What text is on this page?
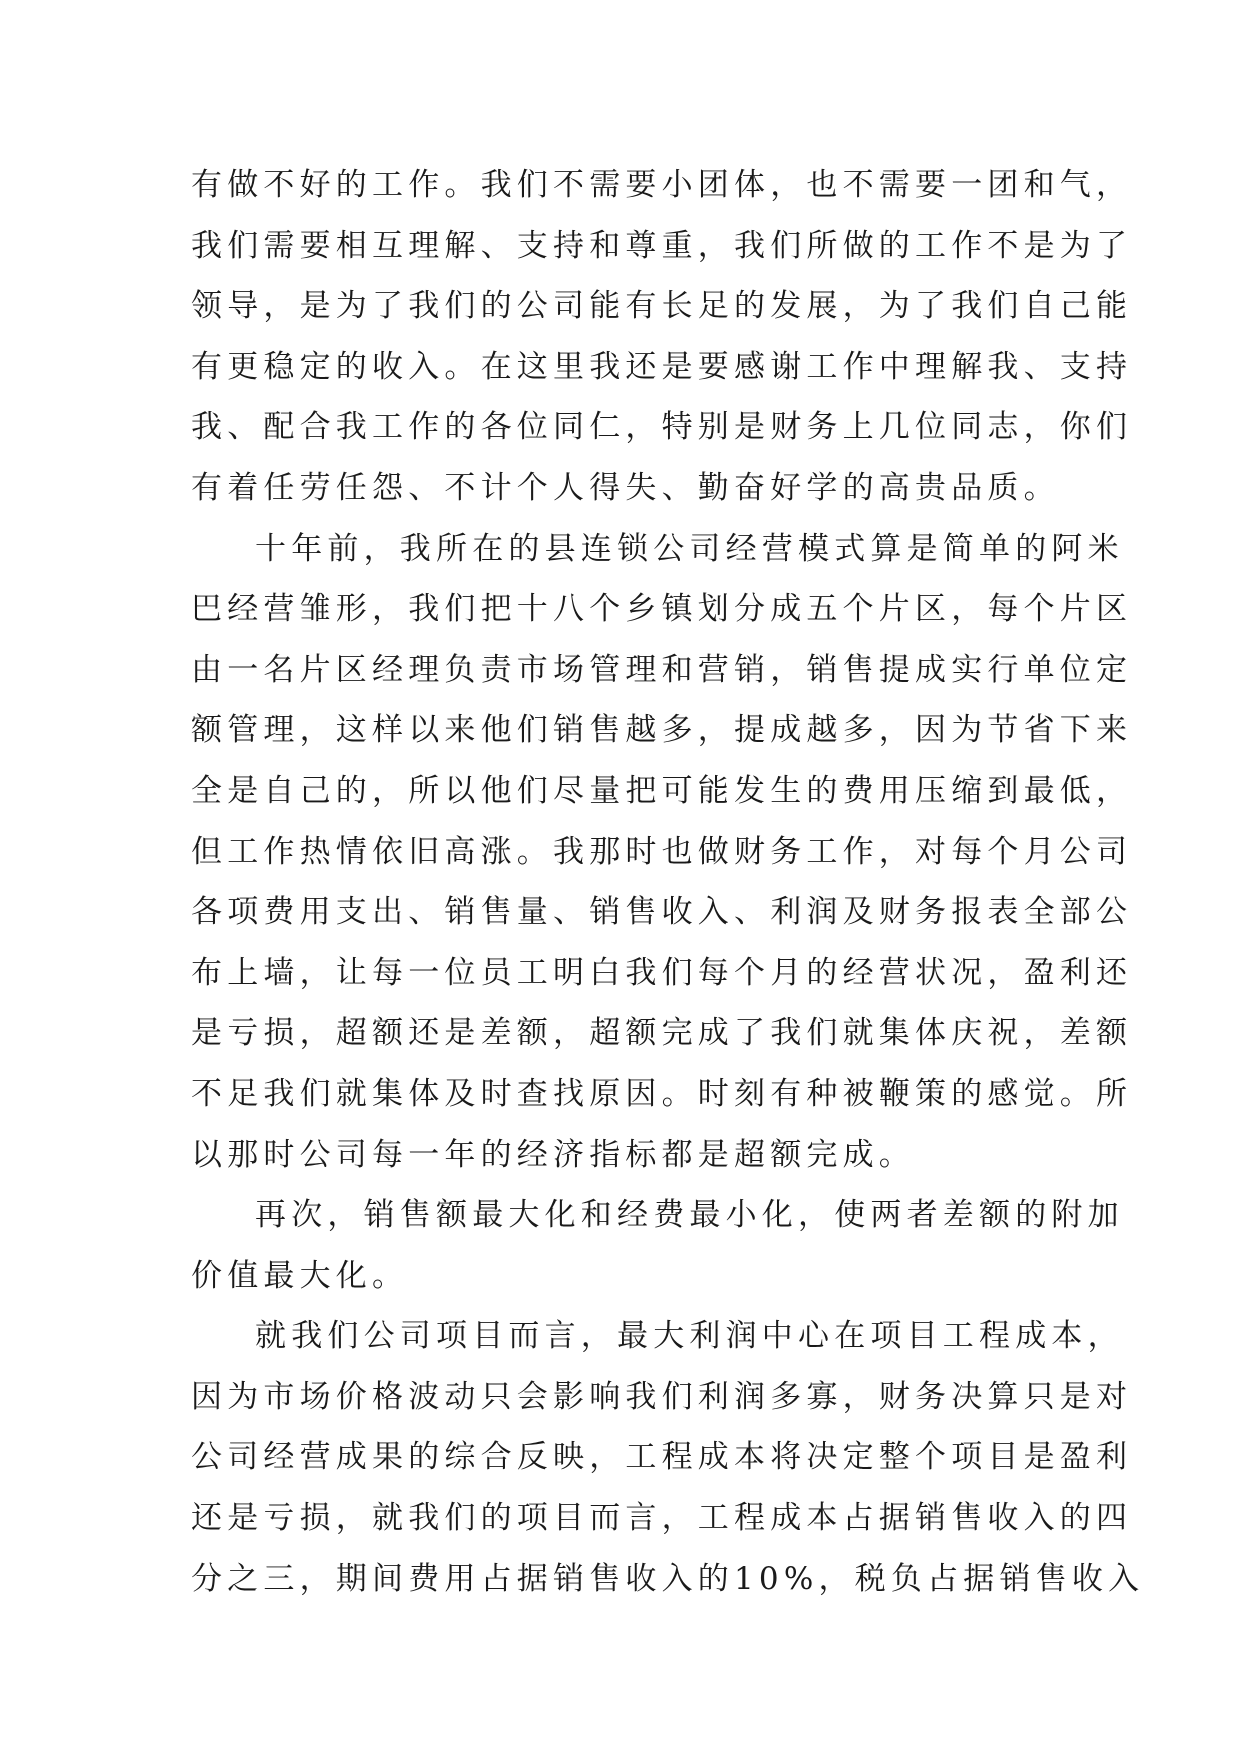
有做不好的工作。我们不需要小团体，也不需要一团和气，
我们需要相互理解、支持和尊重，我们所做的工作不是为了
领导，是为了我们的公司能有长足的发展，为了我们自己能
有更稳定的收入。在这里我还是要感谢工作中理解我、支持
我、配合我工作的各位同仁，特别是财务上几位同志，你们
有着任劳任怨、不计个人得失、勤奋好学的高贵品质。
十年前，我所在的县连锁公司经营模式算是简单的阿米
巴经营雏形，我们把十八个乡镇划分成五个片区，每个片区
由一名片区经理负责市场管理和营销，销售提成实行单位定
额管理，这样以来他们销售越多，提成越多，因为节省下来
全是自己的，所以他们尽量把可能发生的费用压缩到最低，
但工作热情依旧高涨。我那时也做财务工作，对每个月公司
各项费用支出、销售量、销售收入、利润及财务报表全部公
布上墙，让每一位员工明白我们每个月的经营状况，盈利还
是亏损，超额还是差额，超额完成了我们就集体庆祝，差额
不足我们就集体及时查找原因。时刻有种被鞭策的感觉。所
以那时公司每一年的经济指标都是超额完成。
再次，销售额最大化和经费最小化，使两者差额的附加
价值最大化。
就我们公司项目而言，最大利润中心在项目工程成本，
因为市场价格波动只会影响我们利润多寡，财务决算只是对
公司经营成果的综合反映，工程成本将决定整个项目是盈利
还是亏损，就我们的项目而言，工程成本占据销售收入的四
分之三，期间费用占据销售收入的10%，税负占据销售收入
